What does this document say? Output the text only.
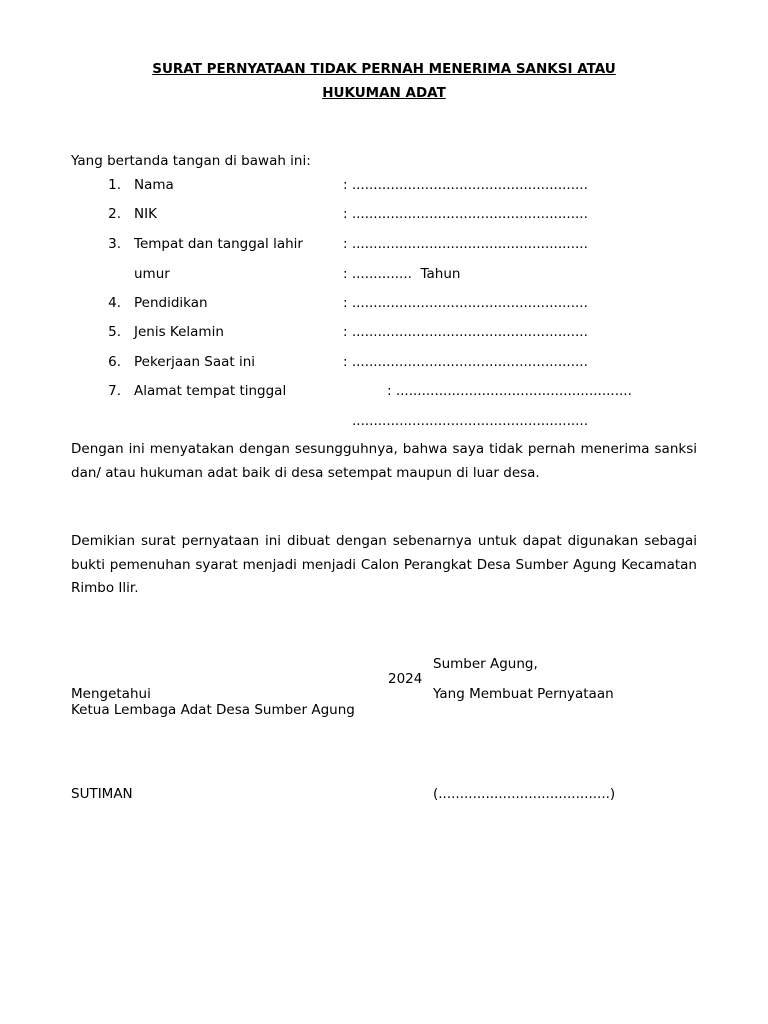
SURAT PERNYATAAN TIDAK PERNAH MENERIMA SANKSI ATAU
HUKUMAN ADAT
Yang bertanda tangan di bawah ini:
1. Nama	: .......................................................
2. NIK	: .......................................................
3. Tempat dan tanggal lahir	: .......................................................
umur	: ..............  Tahun
4. Pendidikan	: .......................................................
5. Jenis Kelamin	: .......................................................
6. Pekerjaan Saat ini	: .......................................................
7. Alamat tempat tinggal	: .......................................................
.......................................................
Dengan ini menyatakan dengan sesungguhnya, bahwa saya tidak pernah menerima sanksi dan/ atau hukuman adat baik di desa setempat maupun di luar desa.
Demikian surat pernyataan ini dibuat dengan sebenarnya untuk dapat digunakan sebagai bukti pemenuhan syarat menjadi menjadi Calon Perangkat Desa Sumber Agung Kecamatan Rimbo Ilir.
Sumber Agung,
2024
Mengetahui	Yang Membuat Pernyataan
Ketua Lembaga Adat Desa Sumber Agung
SUTIMAN	(........................................)
